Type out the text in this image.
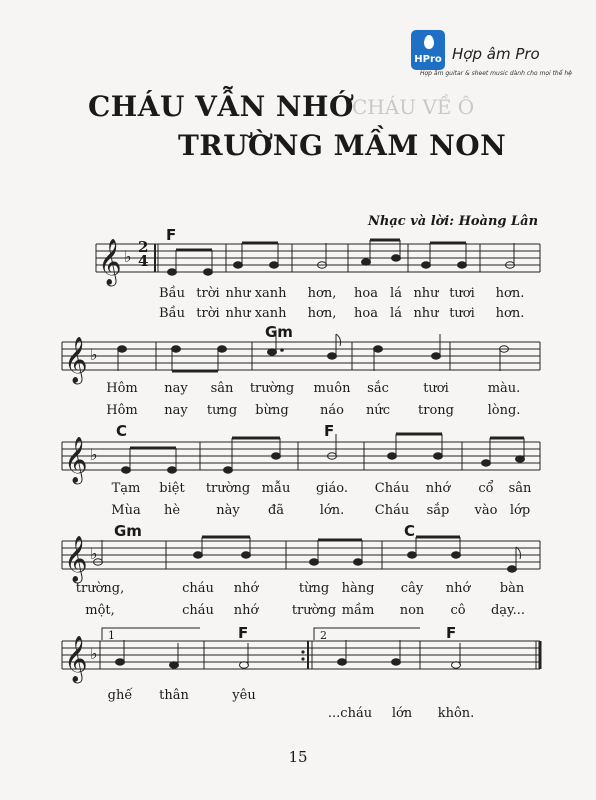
HPro Hợp âm Pro
Hợp âm guitar & sheet music dành cho mọi thể hệ
CHÁU VỀ Ô
CHÁU VẪN NHỚ
TRƯỜNG MẦM NON
Nhạc và lời: Hoàng Lân
𝄞
𝄞
𝄞
𝄞
𝄞
♭
♭
♭
♭
♭
2
4
1	2
F
Gm
C	F
Gm	C
F	F
Bầu trời như xanh hơn, hoa lá như tươi hơn.
Bầu trời như xanh hơn, hoa lá như tươi hơn.
Hôm nay sân trường muôn sắc	tươi	màu.
Hôm nay tưng bừng náo nức trong	lòng.
Tạm biệt trường mẫu giáo. Cháu nhớ cổ sân
Mùa hè	này đã	lớn. Cháu sắp vào lớp
trường,	cháu nhớ	từng hàng cây nhớ bàn
một,	cháu nhớ	trường mầm non cô dạy...
ghế thân	yêu
...cháu lớn khôn.
15
